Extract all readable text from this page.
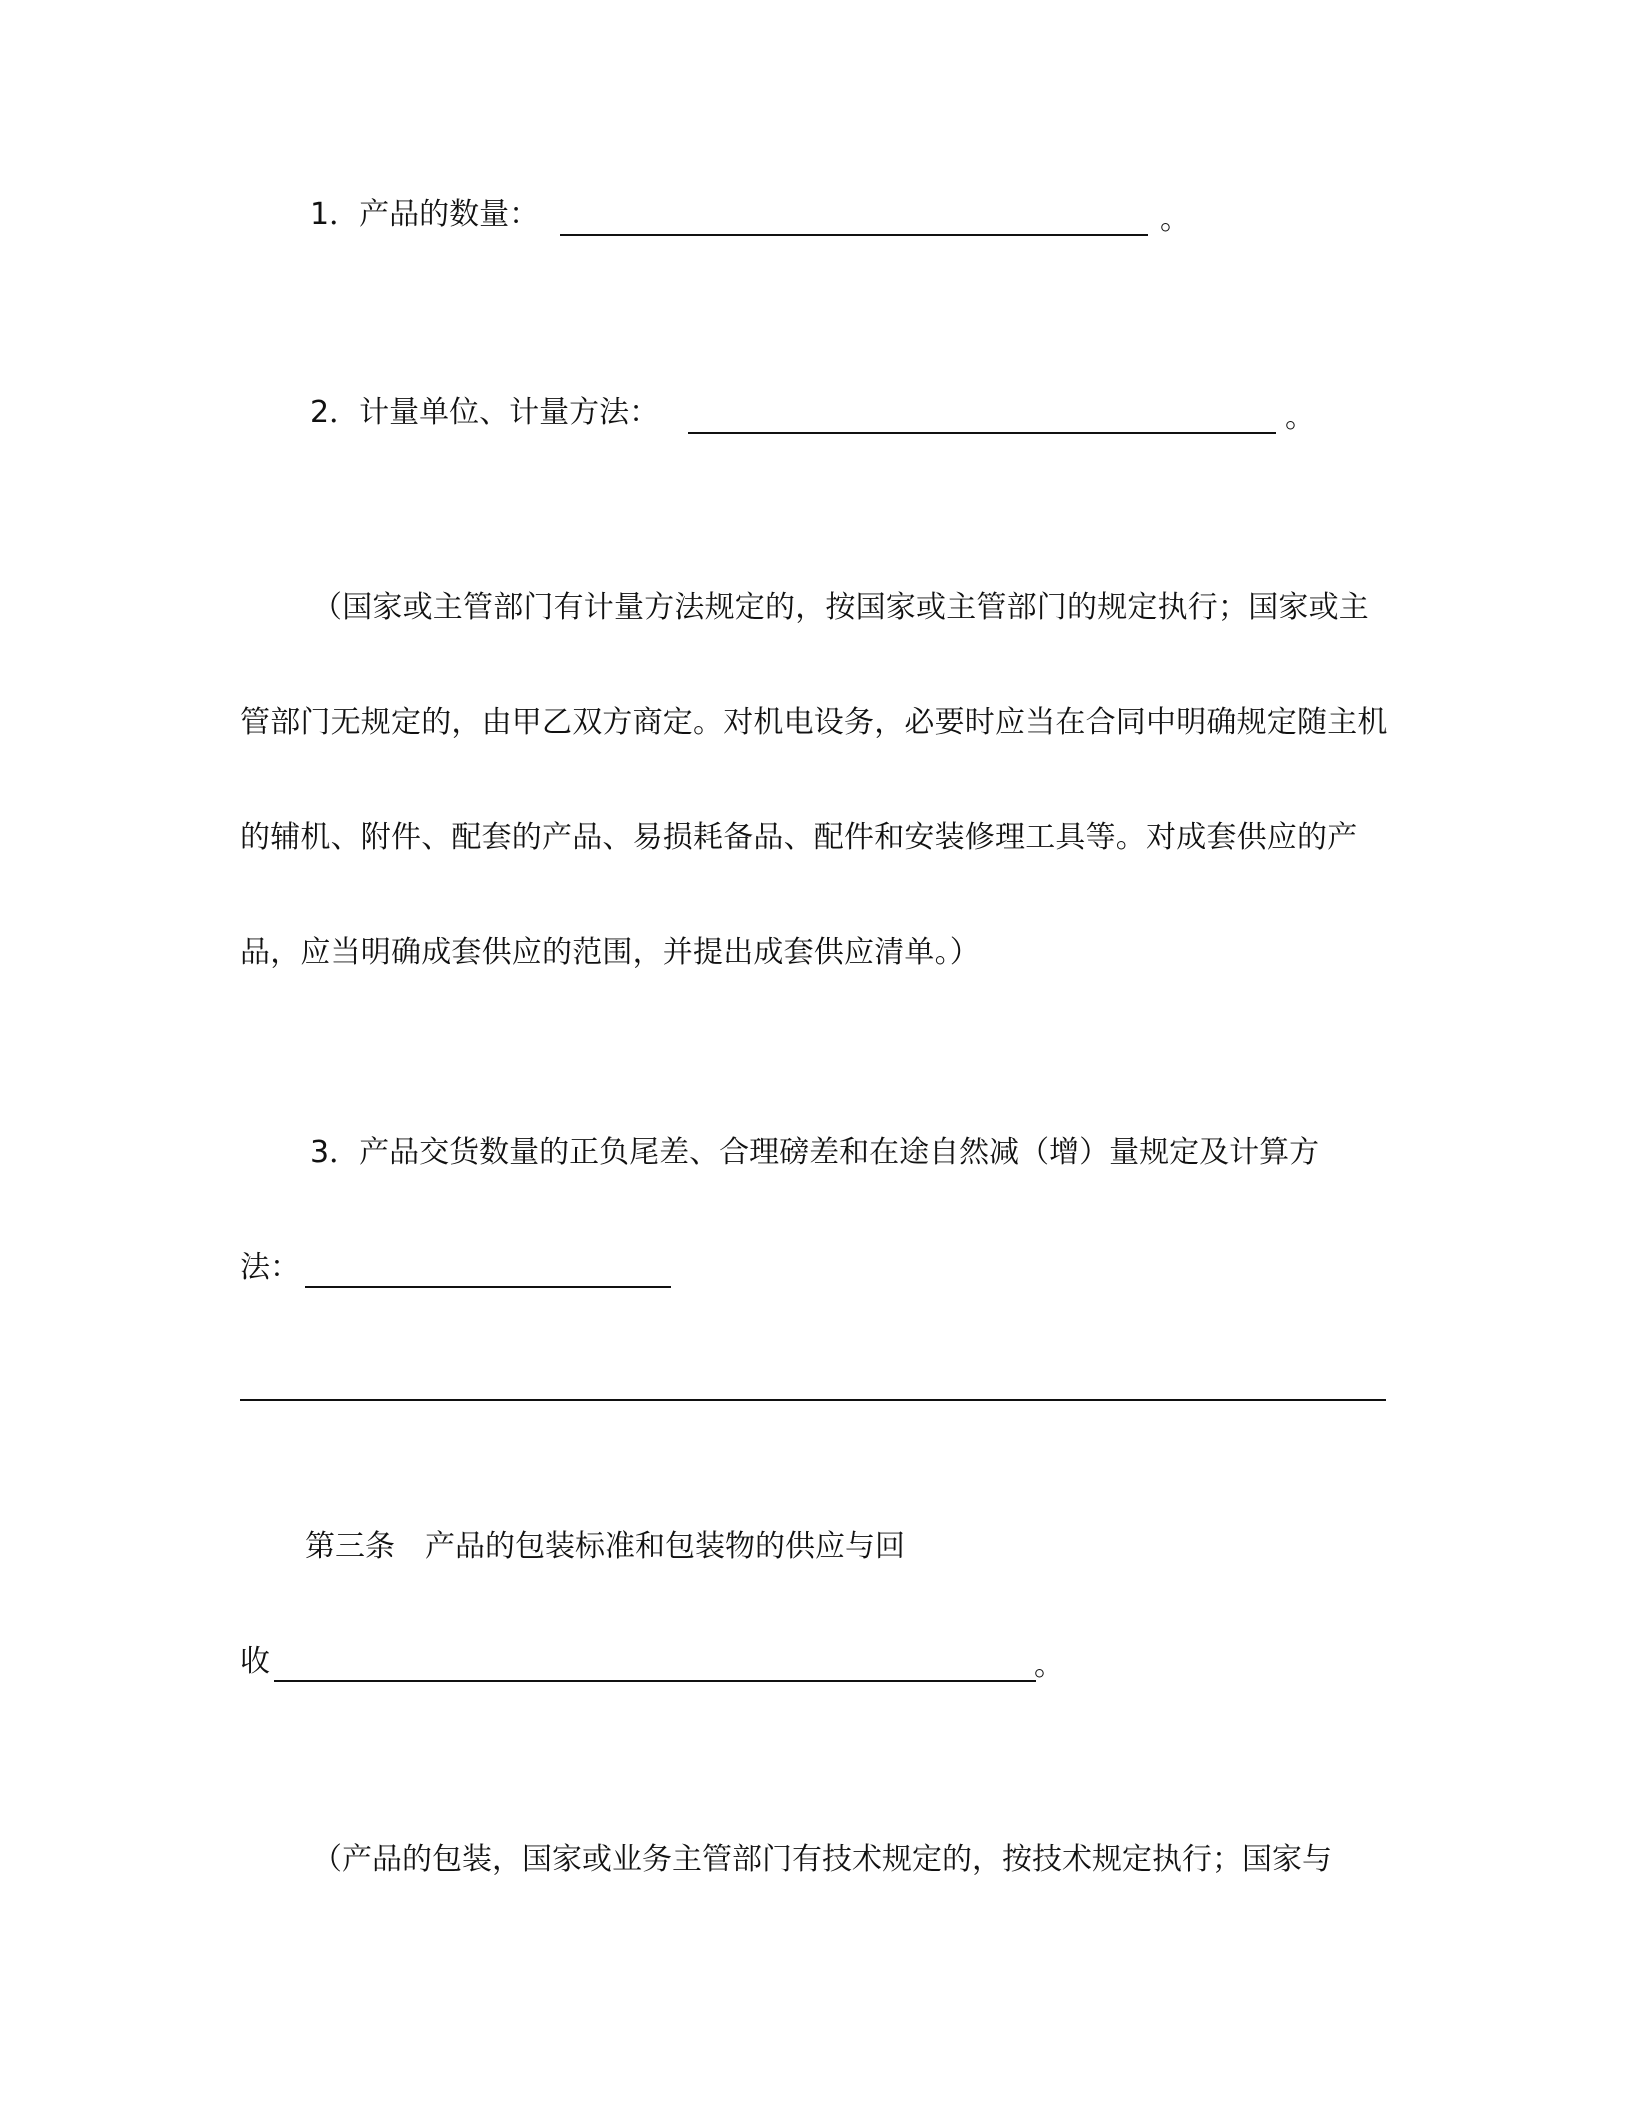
1．产品的数量：	。
2．计量单位、计量方法：	。
（国家或主管部门有计量方法规定的，按国家或主管部门的规定执行；国家或主管部门无规定的，由甲乙双方商定。对机电设务，必要时应当在合同中明确规定随主机的辅机、附件、配套的产品、易损耗备品、配件和安装修理工具等。对成套供应的产品，应当明确成套供应的范围，并提出成套供应清单。）
3．产品交货数量的正负尾差、合理磅差和在途自然减（增）量规定及计算方
法：
第三条　产品的包装标准和包装物的供应与回
收	。
（产品的包装，国家或业务主管部门有技术规定的，按技术规定执行；国家与
